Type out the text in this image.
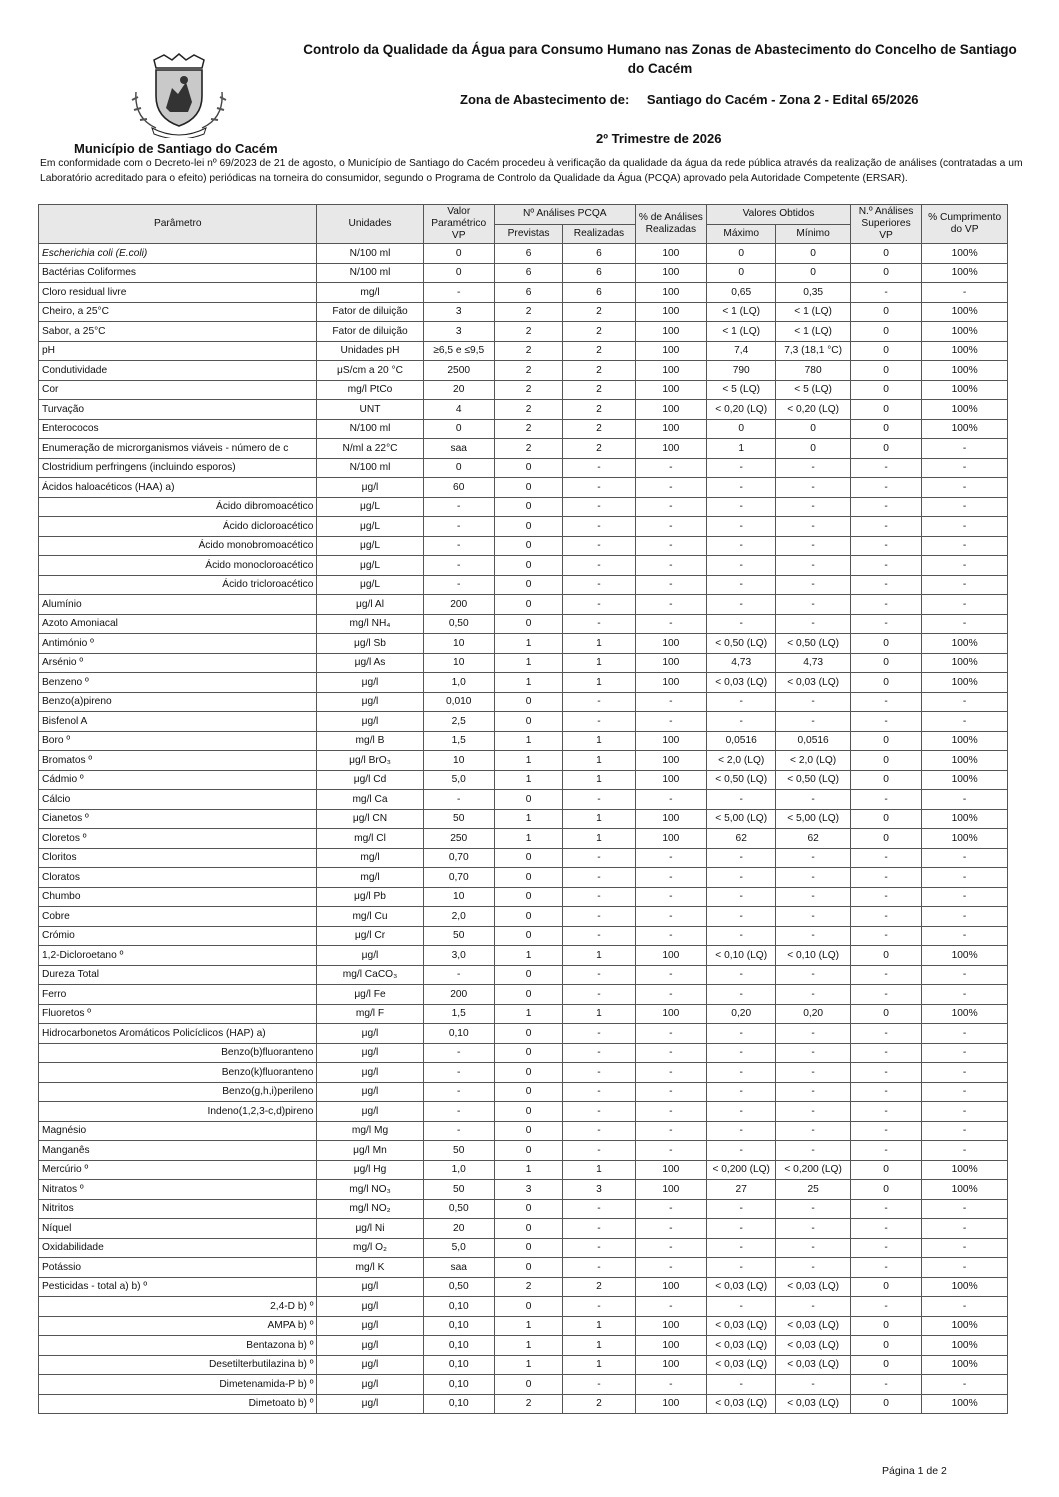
Controlo da Qualidade da Água para Consumo Humano nas Zonas de Abastecimento do Concelho de Santiago do Cacém
Zona de Abastecimento de: Santiago do Cacém - Zona 2 - Edital 65/2026
2º Trimestre de 2026
Município de Santiago do Cacém
Em conformidade com o Decreto-lei nº 69/2023 de 21 de agosto, o Município de Santiago do Cacém procedeu à verificação da qualidade da água da rede pública através da realização de análises (contratadas a um Laboratório acreditado para o efeito) periódicas na torneira do consumidor, segundo o Programa de Controlo da Qualidade da Água (PCQA) aprovado pela Autoridade Competente (ERSAR).
Parâmetro	Unidades	Valor Paramétrico VP	Nº Análises PCQA		% de Análises Realizadas	Valores Obtidos		N.º Análises Superiores VP	% Cumprimento do VP
			Previstas	Realizadas		Máximo	Mínimo		
Escherichia coli (E.coli)	N/100 ml	0	6	6	100	0	0	0	100%
Bactérias Coliformes	N/100 ml	0	6	6	100	0	0	0	100%
Cloro residual livre	mg/l	-	6	6	100	0,65	0,35	-	-
Cheiro, a 25°C	Fator de diluição	3	2	2	100	< 1 (LQ)	< 1 (LQ)	0	100%
Sabor, a 25°C	Fator de diluição	3	2	2	100	< 1 (LQ)	< 1 (LQ)	0	100%
pH	Unidades pH	≥6,5 e ≤9,5	2	2	100	7,4	7,3 (18,1 °C)	0	100%
Condutividade	μS/cm a 20 °C	2500	2	2	100	790	780	0	100%
Cor	mg/l PtCo	20	2	2	100	< 5 (LQ)	< 5 (LQ)	0	100%
Turvação	UNT	4	2	2	100	< 0,20 (LQ)	< 0,20 (LQ)	0	100%
Enterococos	N/100 ml	0	2	2	100	0	0	0	100%
Enumeração de microrganismos viáveis - número de c	N/ml a 22°C	saa	2	2	100	1	0	0	-
Clostridium perfringens (incluindo esporos)	N/100 ml	0	0	-	-	-	-	-	-
Ácidos haloacéticos (HAA) a)	μg/l	60	0	-	-	-	-	-	-
Ácido dibromoacético	μg/L	-	0	-	-	-	-	-	-
Ácido dicloroacético	μg/L	-	0	-	-	-	-	-	-
Ácido monobromoacético	μg/L	-	0	-	-	-	-	-	-
Ácido monocloroacético	μg/L	-	0	-	-	-	-	-	-
Ácido tricloroacético	μg/L	-	0	-	-	-	-	-	-
Alumínio	μg/l Al	200	0	-	-	-	-	-	-
Azoto Amoniacal	mg/l NH₄	0,50	0	-	-	-	-	-	-
Antimónio º	μg/l Sb	10	1	1	100	< 0,50 (LQ)	< 0,50 (LQ)	0	100%
Arsénio º	μg/l As	10	1	1	100	4,73	4,73	0	100%
Benzeno º	μg/l	1,0	1	1	100	< 0,03 (LQ)	< 0,03 (LQ)	0	100%
Benzo(a)pireno	μg/l	0,010	0	-	-	-	-	-	-
Bisfenol A	μg/l	2,5	0	-	-	-	-	-	-
Boro º	mg/l B	1,5	1	1	100	0,0516	0,0516	0	100%
Bromatos º	μg/l BrO₃	10	1	1	100	< 2,0 (LQ)	< 2,0 (LQ)	0	100%
Cádmio º	μg/l Cd	5,0	1	1	100	< 0,50 (LQ)	< 0,50 (LQ)	0	100%
Cálcio	mg/l Ca	-	0	-	-	-	-	-	-
Cianetos º	μg/l CN	50	1	1	100	< 5,00 (LQ)	< 5,00 (LQ)	0	100%
Cloretos º	mg/l Cl	250	1	1	100	62	62	0	100%
Cloritos	mg/l	0,70	0	-	-	-	-	-	-
Cloratos	mg/l	0,70	0	-	-	-	-	-	-
Chumbo	μg/l Pb	10	0	-	-	-	-	-	-
Cobre	mg/l Cu	2,0	0	-	-	-	-	-	-
Crómio	μg/l Cr	50	0	-	-	-	-	-	-
1,2-Dicloroetano º	μg/l	3,0	1	1	100	< 0,10 (LQ)	< 0,10 (LQ)	0	100%
Dureza Total	mg/l CaCO₃	-	0	-	-	-	-	-	-
Ferro	μg/l Fe	200	0	-	-	-	-	-	-
Fluoretos º	mg/l F	1,5	1	1	100	0,20	0,20	0	100%
Hidrocarbonetos Aromáticos Policíclicos (HAP) a)	μg/l	0,10	0	-	-	-	-	-	-
Benzo(b)fluoranteno	μg/l	-	0	-	-	-	-	-	-
Benzo(k)fluoranteno	μg/l	-	0	-	-	-	-	-	-
Benzo(g,h,i)perileno	μg/l	-	0	-	-	-	-	-	-
Indeno(1,2,3-c,d)pireno	μg/l	-	0	-	-	-	-	-	-
Magnésio	mg/l Mg	-	0	-	-	-	-	-	-
Manganês	μg/l Mn	50	0	-	-	-	-	-	-
Mercúrio º	μg/l Hg	1,0	1	1	100	< 0,200 (LQ)	< 0,200 (LQ)	0	100%
Nitratos º	mg/l NO₃	50	3	3	100	27	25	0	100%
Nitritos	mg/l NO₂	0,50	0	-	-	-	-	-	-
Níquel	μg/l Ni	20	0	-	-	-	-	-	-
Oxidabilidade	mg/l O₂	5,0	0	-	-	-	-	-	-
Potássio	mg/l K	saa	0	-	-	-	-	-	-
Pesticidas - total a) b) º	μg/l	0,50	2	2	100	< 0,03 (LQ)	< 0,03 (LQ)	0	100%
2,4-D b) º	μg/l	0,10	0	-	-	-	-	-	-
AMPA b) º	μg/l	0,10	1	1	100	< 0,03 (LQ)	< 0,03 (LQ)	0	100%
Bentazona b) º	μg/l	0,10	1	1	100	< 0,03 (LQ)	< 0,03 (LQ)	0	100%
Desetilterbutilazina b) º	μg/l	0,10	1	1	100	< 0,03 (LQ)	< 0,03 (LQ)	0	100%
Dimetenamida-P b) º	μg/l	0,10	0	-	-	-	-	-	-
Dimetoato b) º	μg/l	0,10	2	2	100	< 0,03 (LQ)	< 0,03 (LQ)	0	100%
Página 1 de 2
